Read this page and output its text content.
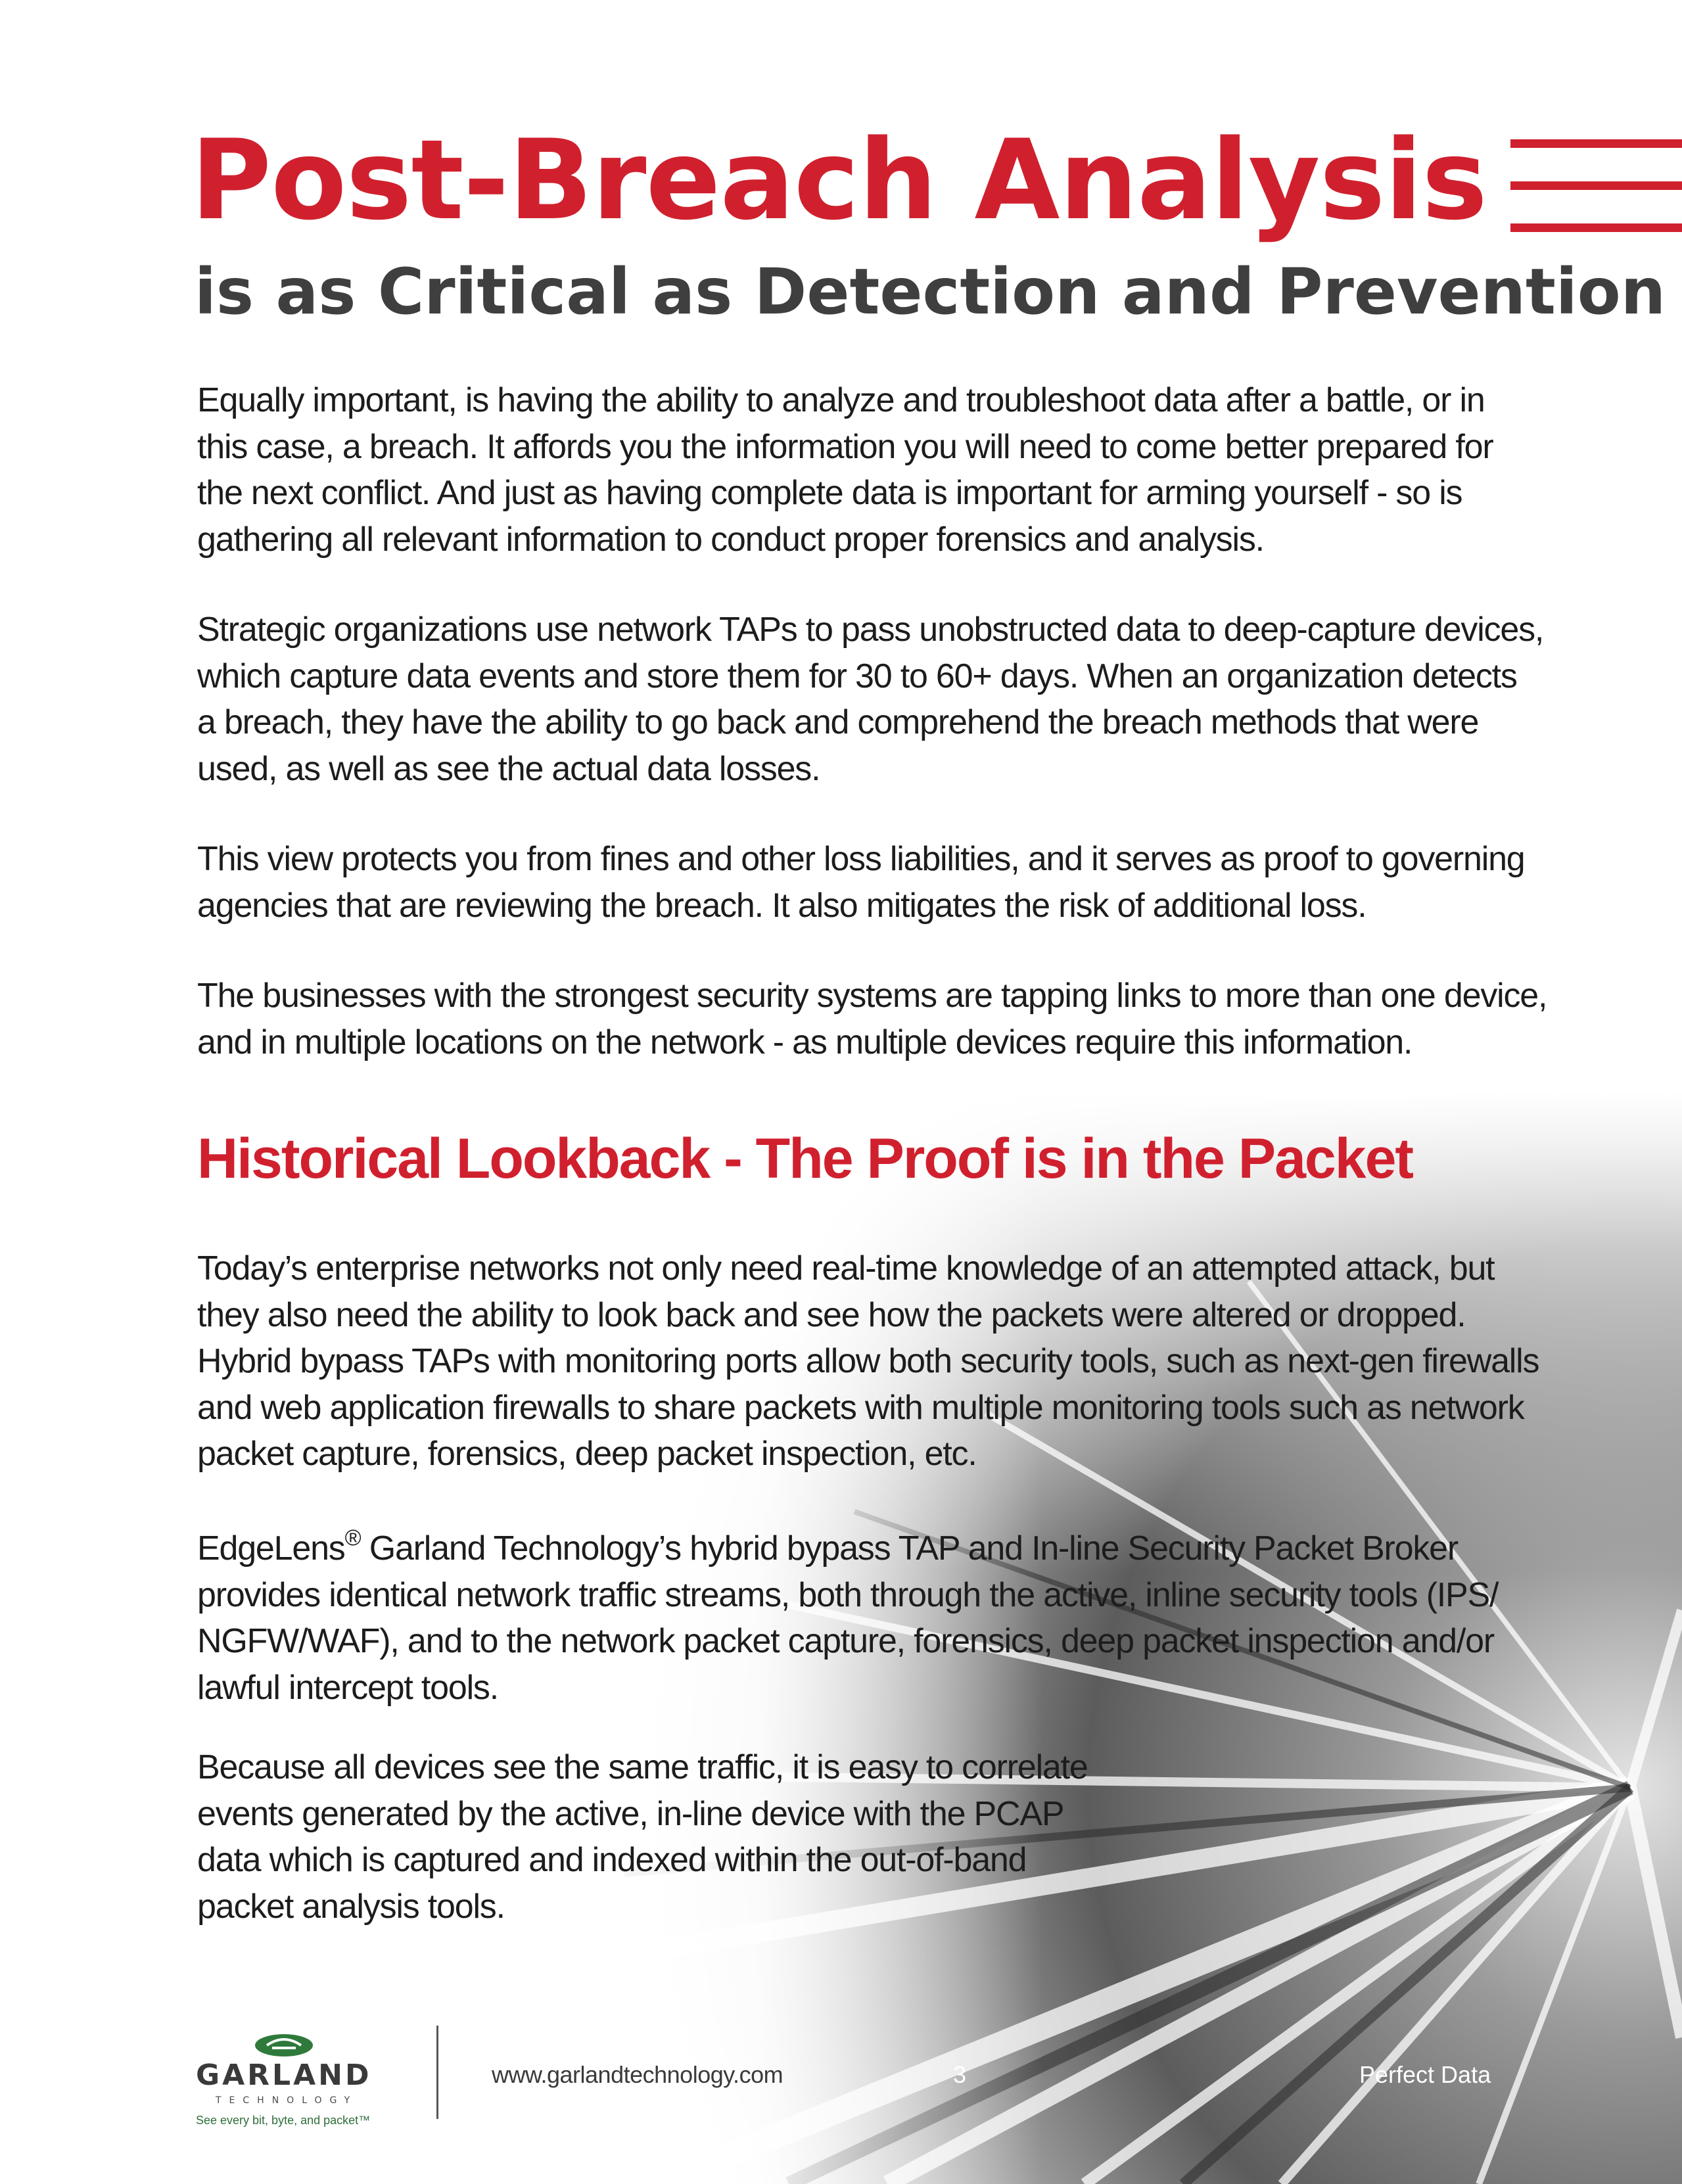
Post-Breach Analysis
is as Critical as Detection and Prevention

Equally important, is having the ability to analyze and troubleshoot data after a battle, or in
this case, a breach. It affords you the information you will need to come better prepared for
the next conflict. And just as having complete data is important for arming yourself - so is
gathering all relevant information to conduct proper forensics and analysis.

Strategic organizations use network TAPs to pass unobstructed data to deep-capture devices,
which capture data events and store them for 30 to 60+ days. When an organization detects
a breach, they have the ability to go back and comprehend the breach methods that were
used, as well as see the actual data losses.

This view protects you from fines and other loss liabilities, and it serves as proof to governing
agencies that are reviewing the breach. It also mitigates the risk of additional loss.

The businesses with the strongest security systems are tapping links to more than one device,
and in multiple locations on the network - as multiple devices require this information.

Historical Lookback - The Proof is in the Packet

Today’s enterprise networks not only need real-time knowledge of an attempted attack, but
they also need the ability to look back and see how the packets were altered or dropped.
Hybrid bypass TAPs with monitoring ports allow both security tools, such as next-gen firewalls
and web application firewalls to share packets with multiple monitoring tools such as network
packet capture, forensics, deep packet inspection, etc.

EdgeLens® Garland Technology’s hybrid bypass TAP and In-line Security Packet Broker
provides identical network traffic streams, both through the active, inline security tools (IPS/
NGFW/WAF), and to the network packet capture, forensics, deep packet inspection and/or
lawful intercept tools.

Because all devices see the same traffic, it is easy to correlate
events generated by the active, in-line device with the PCAP
data which is captured and indexed within the out-of-band
packet analysis tools.

GARLAND
TECHNOLOGY
See every bit, byte, and packet™
www.garlandtechnology.com	3	Perfect Data
